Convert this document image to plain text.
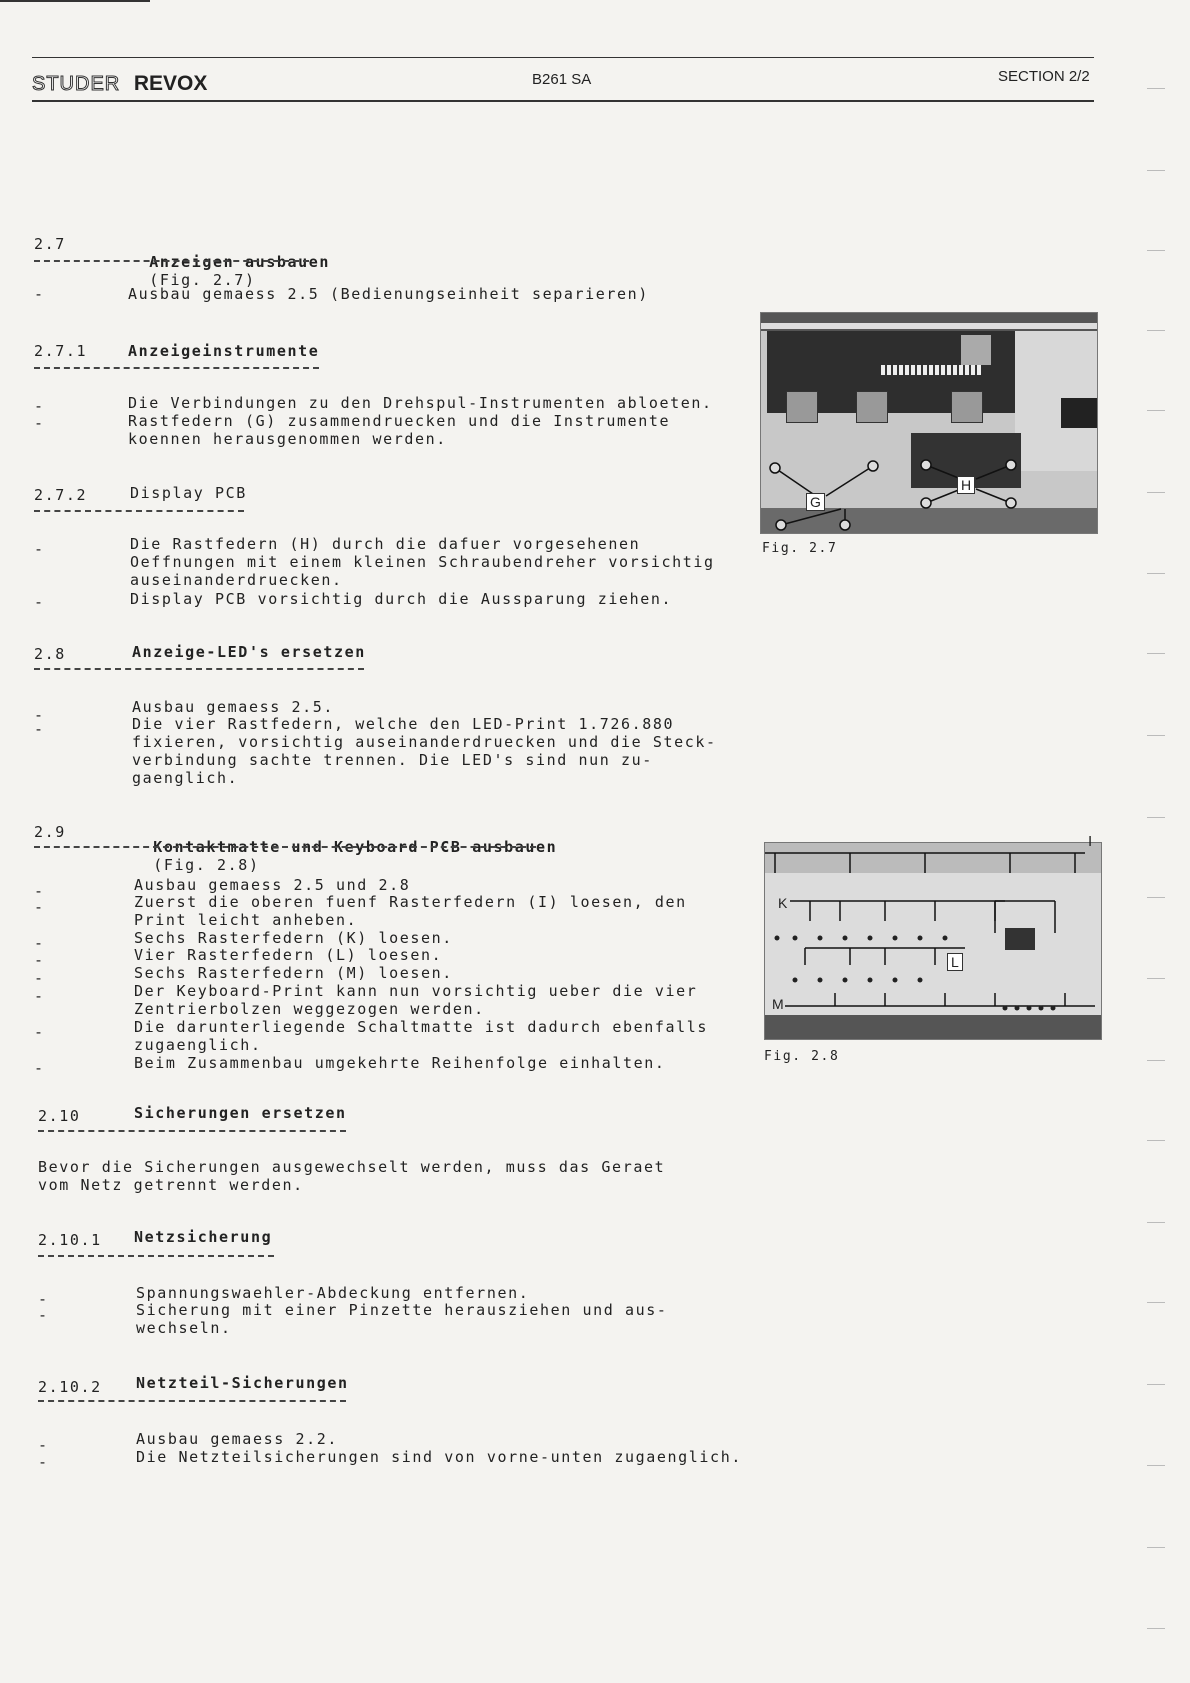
STUDER REVOX	B261 SA	SECTION 2/2
2.7

Anzeigen ausbauen
(Fig. 2.7)

-	Ausbau gemaess 2.5 (Bedienungseinheit separieren)
2.7.1	Anzeigeinstrumente
-	Die Verbindungen zu den Drehspul-Instrumenten abloeten.
-	Rastfedern (G) zusammendruecken und die Instrumente
koennen herausgenommen werden.
2.7.2	Display PCB
-	Die Rastfedern (H) durch die dafuer vorgesehenen
Oeffnungen mit einem kleinen Schraubendreher vorsichtig
auseinanderdruecken.
-	Display PCB vorsichtig durch die Aussparung ziehen.
G
H
Fig. 2.7
2.8	Anzeige-LED's ersetzen
-	Ausbau gemaess 2.5.
-	Die vier Rastfedern, welche den LED-Print 1.726.880
fixieren, vorsichtig auseinanderdruecken und die Steck-
verbindung sachte trennen. Die LED's sind nun zu-
gaenglich.
2.9

Kontaktmatte und Keyboard PCB ausbauen
(Fig. 2.8)

-	Ausbau gemaess 2.5 und 2.8
-	Zuerst die oberen fuenf Rasterfedern (I) loesen, den
Print leicht anheben.
-	Sechs Rasterfedern (K) loesen.
-	Vier Rasterfedern (L) loesen.
-	Sechs Rasterfedern (M) loesen.
-	Der Keyboard-Print kann nun vorsichtig ueber die vier
Zentrierbolzen weggezogen werden.
-	Die darunterliegende Schaltmatte ist dadurch ebenfalls
zugaenglich.
-	Beim Zusammenbau umgekehrte Reihenfolge einhalten.
K
L
M
I
Fig. 2.8
2.10	Sicherungen ersetzen
Bevor die Sicherungen ausgewechselt werden, muss das Geraet
vom Netz getrennt werden.
2.10.1 Netzsicherung
-	Spannungswaehler-Abdeckung entfernen.
-	Sicherung mit einer Pinzette herausziehen und aus-
wechseln.
2.10.2 Netzteil-Sicherungen
-	Ausbau gemaess 2.2.
-	Die Netzteilsicherungen sind von vorne-unten zugaenglich.
